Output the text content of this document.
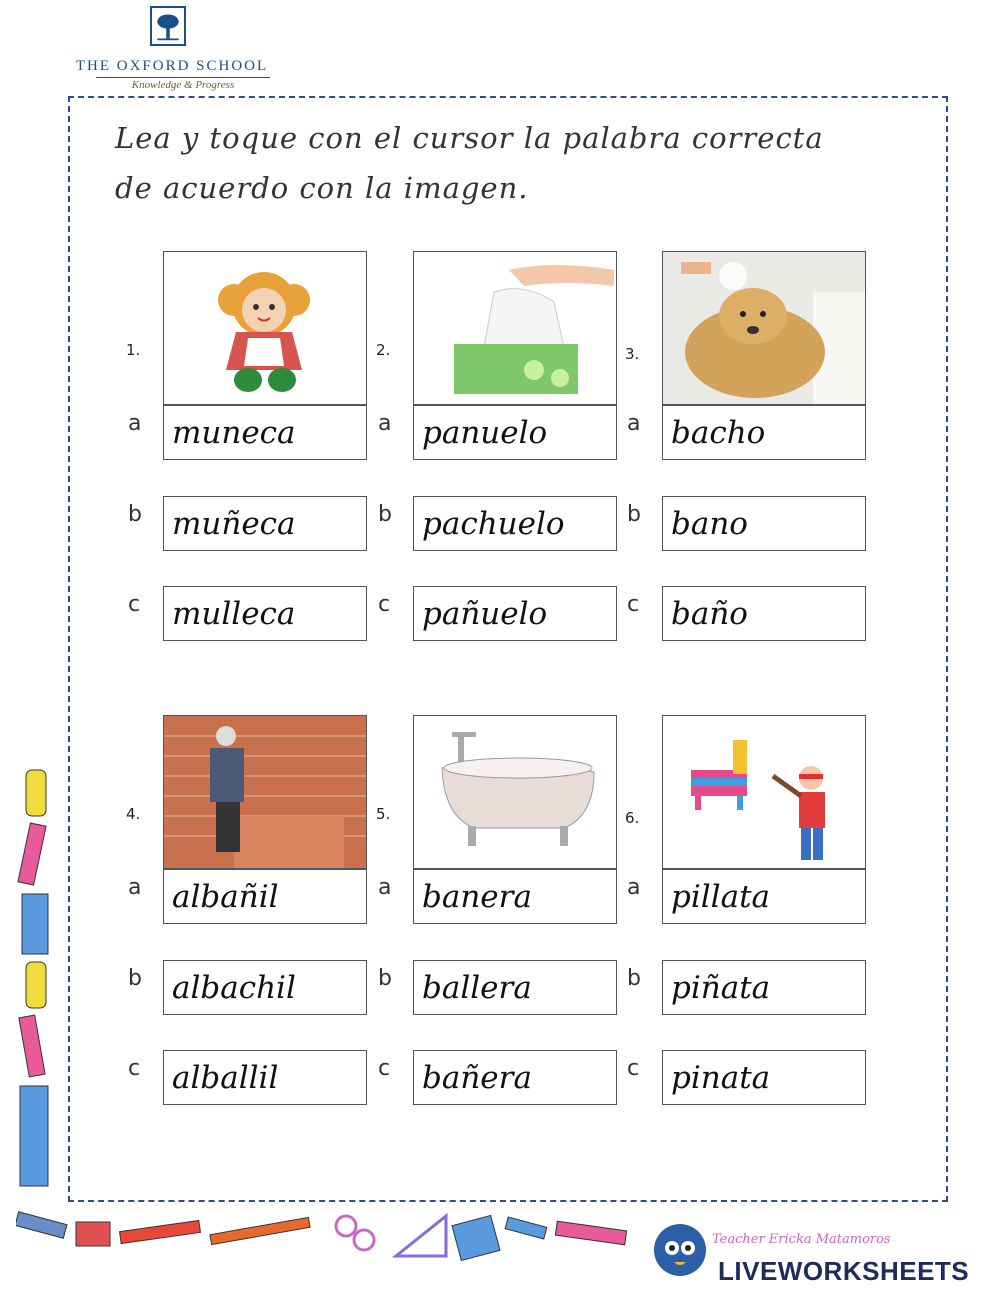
THE OXFORD SCHOOL
Knowledge & Progress
Lea y toque con el cursor la palabra correcta
de acuerdo con la imagen.
1.
a muneca
b muñeca
c mulleca
2.
a panuelo
b pachuelo
c pañuelo
3.
a bacho
b bano
c baño
4.
a albañil
b albachil
c alballil
5.
a banera
b ballera
c bañera
6.
a pillata
b piñata
c pinata
Teacher Ericka Matamoros
LIVEWORKSHEETS
